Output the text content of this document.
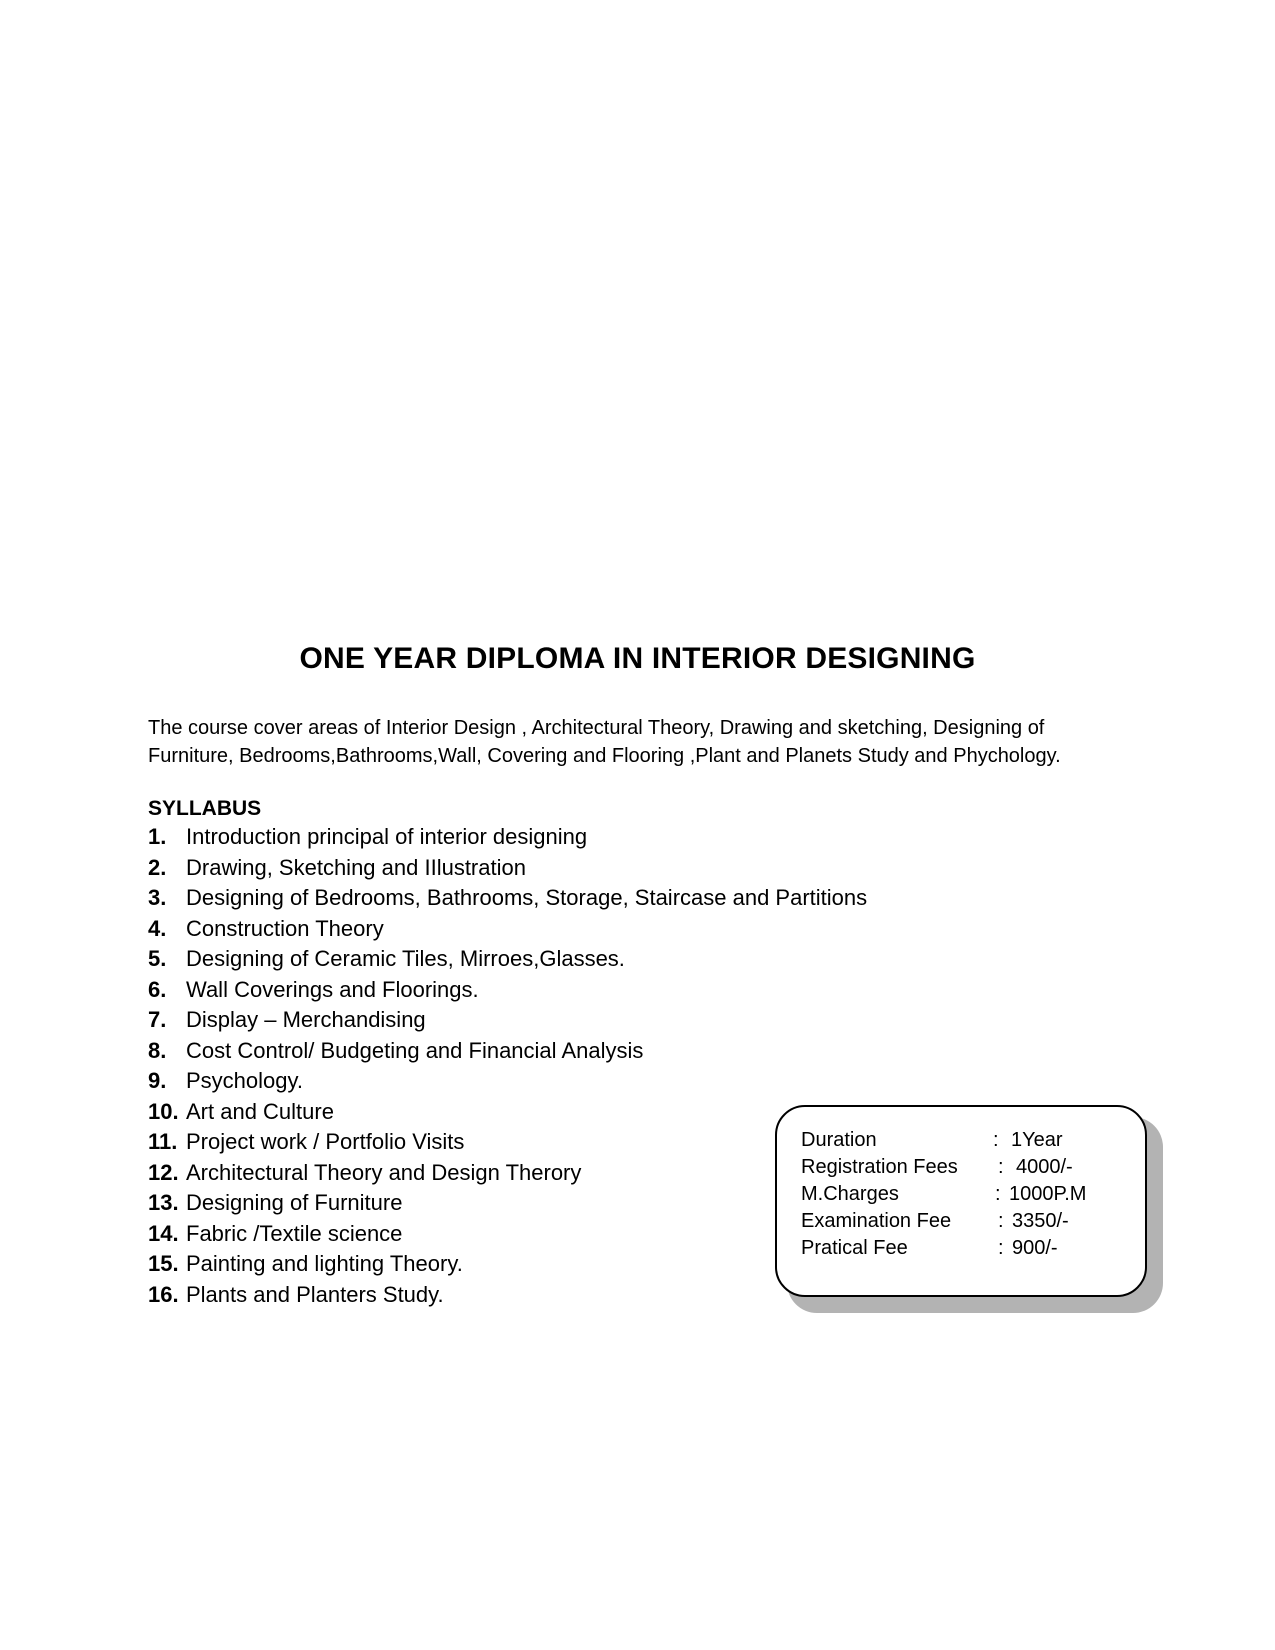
ONE YEAR DIPLOMA IN INTERIOR DESIGNING
The course cover areas of Interior Design , Architectural Theory, Drawing and sketching, Designing of
Furniture, Bedrooms,Bathrooms,Wall, Covering and Flooring ,Plant and Planets Study and Phychology.
SYLLABUS
1. Introduction principal of interior designing
2. Drawing, Sketching and IIlustration
3. Designing of Bedrooms, Bathrooms, Storage, Staircase and Partitions
4. Construction Theory
5. Designing of Ceramic Tiles, Mirroes,Glasses.
6. Wall Coverings and Floorings.
7. Display – Merchandising
8. Cost Control/ Budgeting and Financial Analysis
9. Psychology.
10. Art and Culture
11. Project work / Portfolio Visits
12. Architectural Theory and Design Therory
13. Designing of Furniture
14. Fabric /Textile science
15. Painting and lighting Theory.
16. Plants and Planters Study.
Duration	: 1Year
Registration Fees : 4000/-
M.Charges	: 1000P.M
Examination Fee : 3350/-
Pratical Fee	: 900/-
